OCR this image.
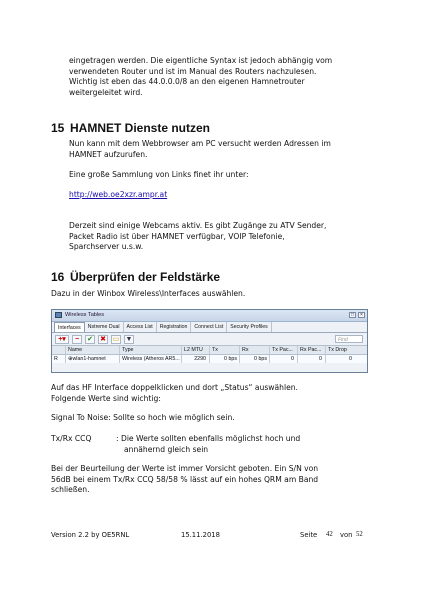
eingetragen werden. Die eigentliche Syntax ist jedoch abhängig vom

verwendeten Router und ist im Manual des Routers nachzulesen.

Wichtig ist eben das 44.0.0.0/8 an den eigenen Hamnetrouter

weitergeleitet wird.

15 HAMNET Dienste nutzen

Nun kann mit dem Webbrowser am PC versucht werden Adressen im

HAMNET aufzurufen.

Eine große Sammlung von Links finet ihr unter:

http://web.oe2xzr.ampr.at

Derzeit sind einige Webcams aktiv. Es gibt Zugänge zu ATV Sender,

Packet Radio ist über HAMNET verfügbar, VOIP Telefonie,

Sparchserver u.s.w.

16 Überprüfen der Feldstärke

Dazu in der Winbox Wireless\Interfaces auswählen.

Wireless Tables	□	×
Interfaces	Nstreme Dual	Access List	Registration	Connect List	Security Profiles
+▾	−	✔ ✖ ▭ ▼	Find
Name	Type	L2 MTU	Tx	Rx	Tx Pac...	Rx Pac...	Tx Drop
R	⊕wlan1-hamnet	Wireless (Atheros AR5...	2290	0 bps	0 bps	0	0	0

Auf das HF Interface doppelklicken und dort „Status“ auswählen.

Folgende Werte sind wichtig:

Signal To Noise: Sollte so hoch wie möglich sein.

Tx/Rx CCQ	: Die Werte sollten ebenfalls möglichst hoch und

annähernd gleich sein

Bei der Beurteilung der Werte ist immer Vorsicht geboten. Ein S/N von

56dB bei einem Tx/Rx CCQ 58/58 % lässt auf ein hohes QRM am Band

schließen.

Version 2.2 by OE5RNL	15.11.2018	Seite 42 von 52
